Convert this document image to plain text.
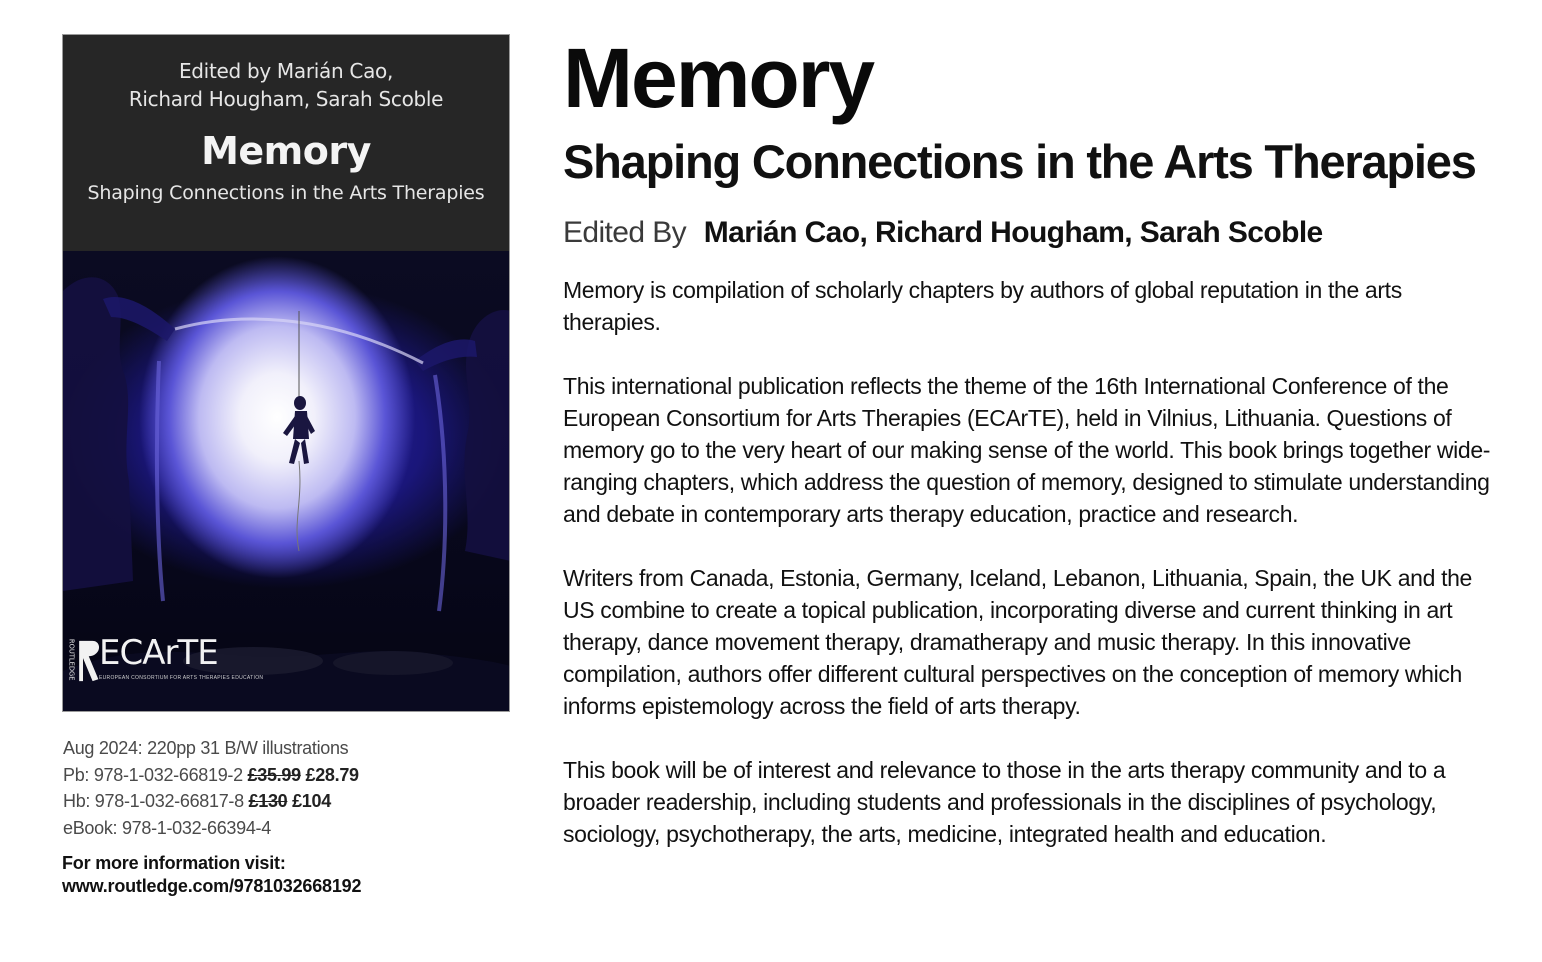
Edited by Marián Cao,
Richard Hougham, Sarah Scoble
Memory
Shaping Connections in the Arts Therapies
ECArTE
EUROPEAN CONSORTIUM FOR ARTS THERAPIES EDUCATION
ROUTLEDGE
Aug 2024: 220pp 31 B/W illustrations
Pb: 978-1-032-66819-2 £35.99 £28.79
Hb: 978-1-032-66817-8 £130 £104
eBook: 978-1-032-66394-4
For more information visit:
www.routledge.com/9781032668192
Memory
Shaping Connections in the Arts Therapies
Edited By Marián Cao, Richard Hougham, Sarah Scoble

Memory is compilation of scholarly chapters by authors of global reputation in the arts therapies.

This international publication reflects the theme of the 16th International Conference of the European Consortium for Arts Therapies (ECArTE), held in Vilnius, Lithuania. Questions of memory go to the very heart of our making sense of the world. This book brings together wide-ranging chapters, which address the question of memory, designed to stimulate understanding and debate in contemporary arts therapy education, practice and research.

Writers from Canada, Estonia, Germany, Iceland, Lebanon, Lithuania, Spain, the UK and the US combine to create a topical publication, incorporating diverse and current thinking in art therapy, dance movement therapy, dramatherapy and music therapy. In this innovative compilation, authors offer different cultural perspectives on the conception of memory which informs epistemology across the field of arts therapy.

This book will be of interest and relevance to those in the arts therapy community and to a broader readership, including students and professionals in the disciplines of psychology, sociology, psychotherapy, the arts, medicine, integrated health and education.
